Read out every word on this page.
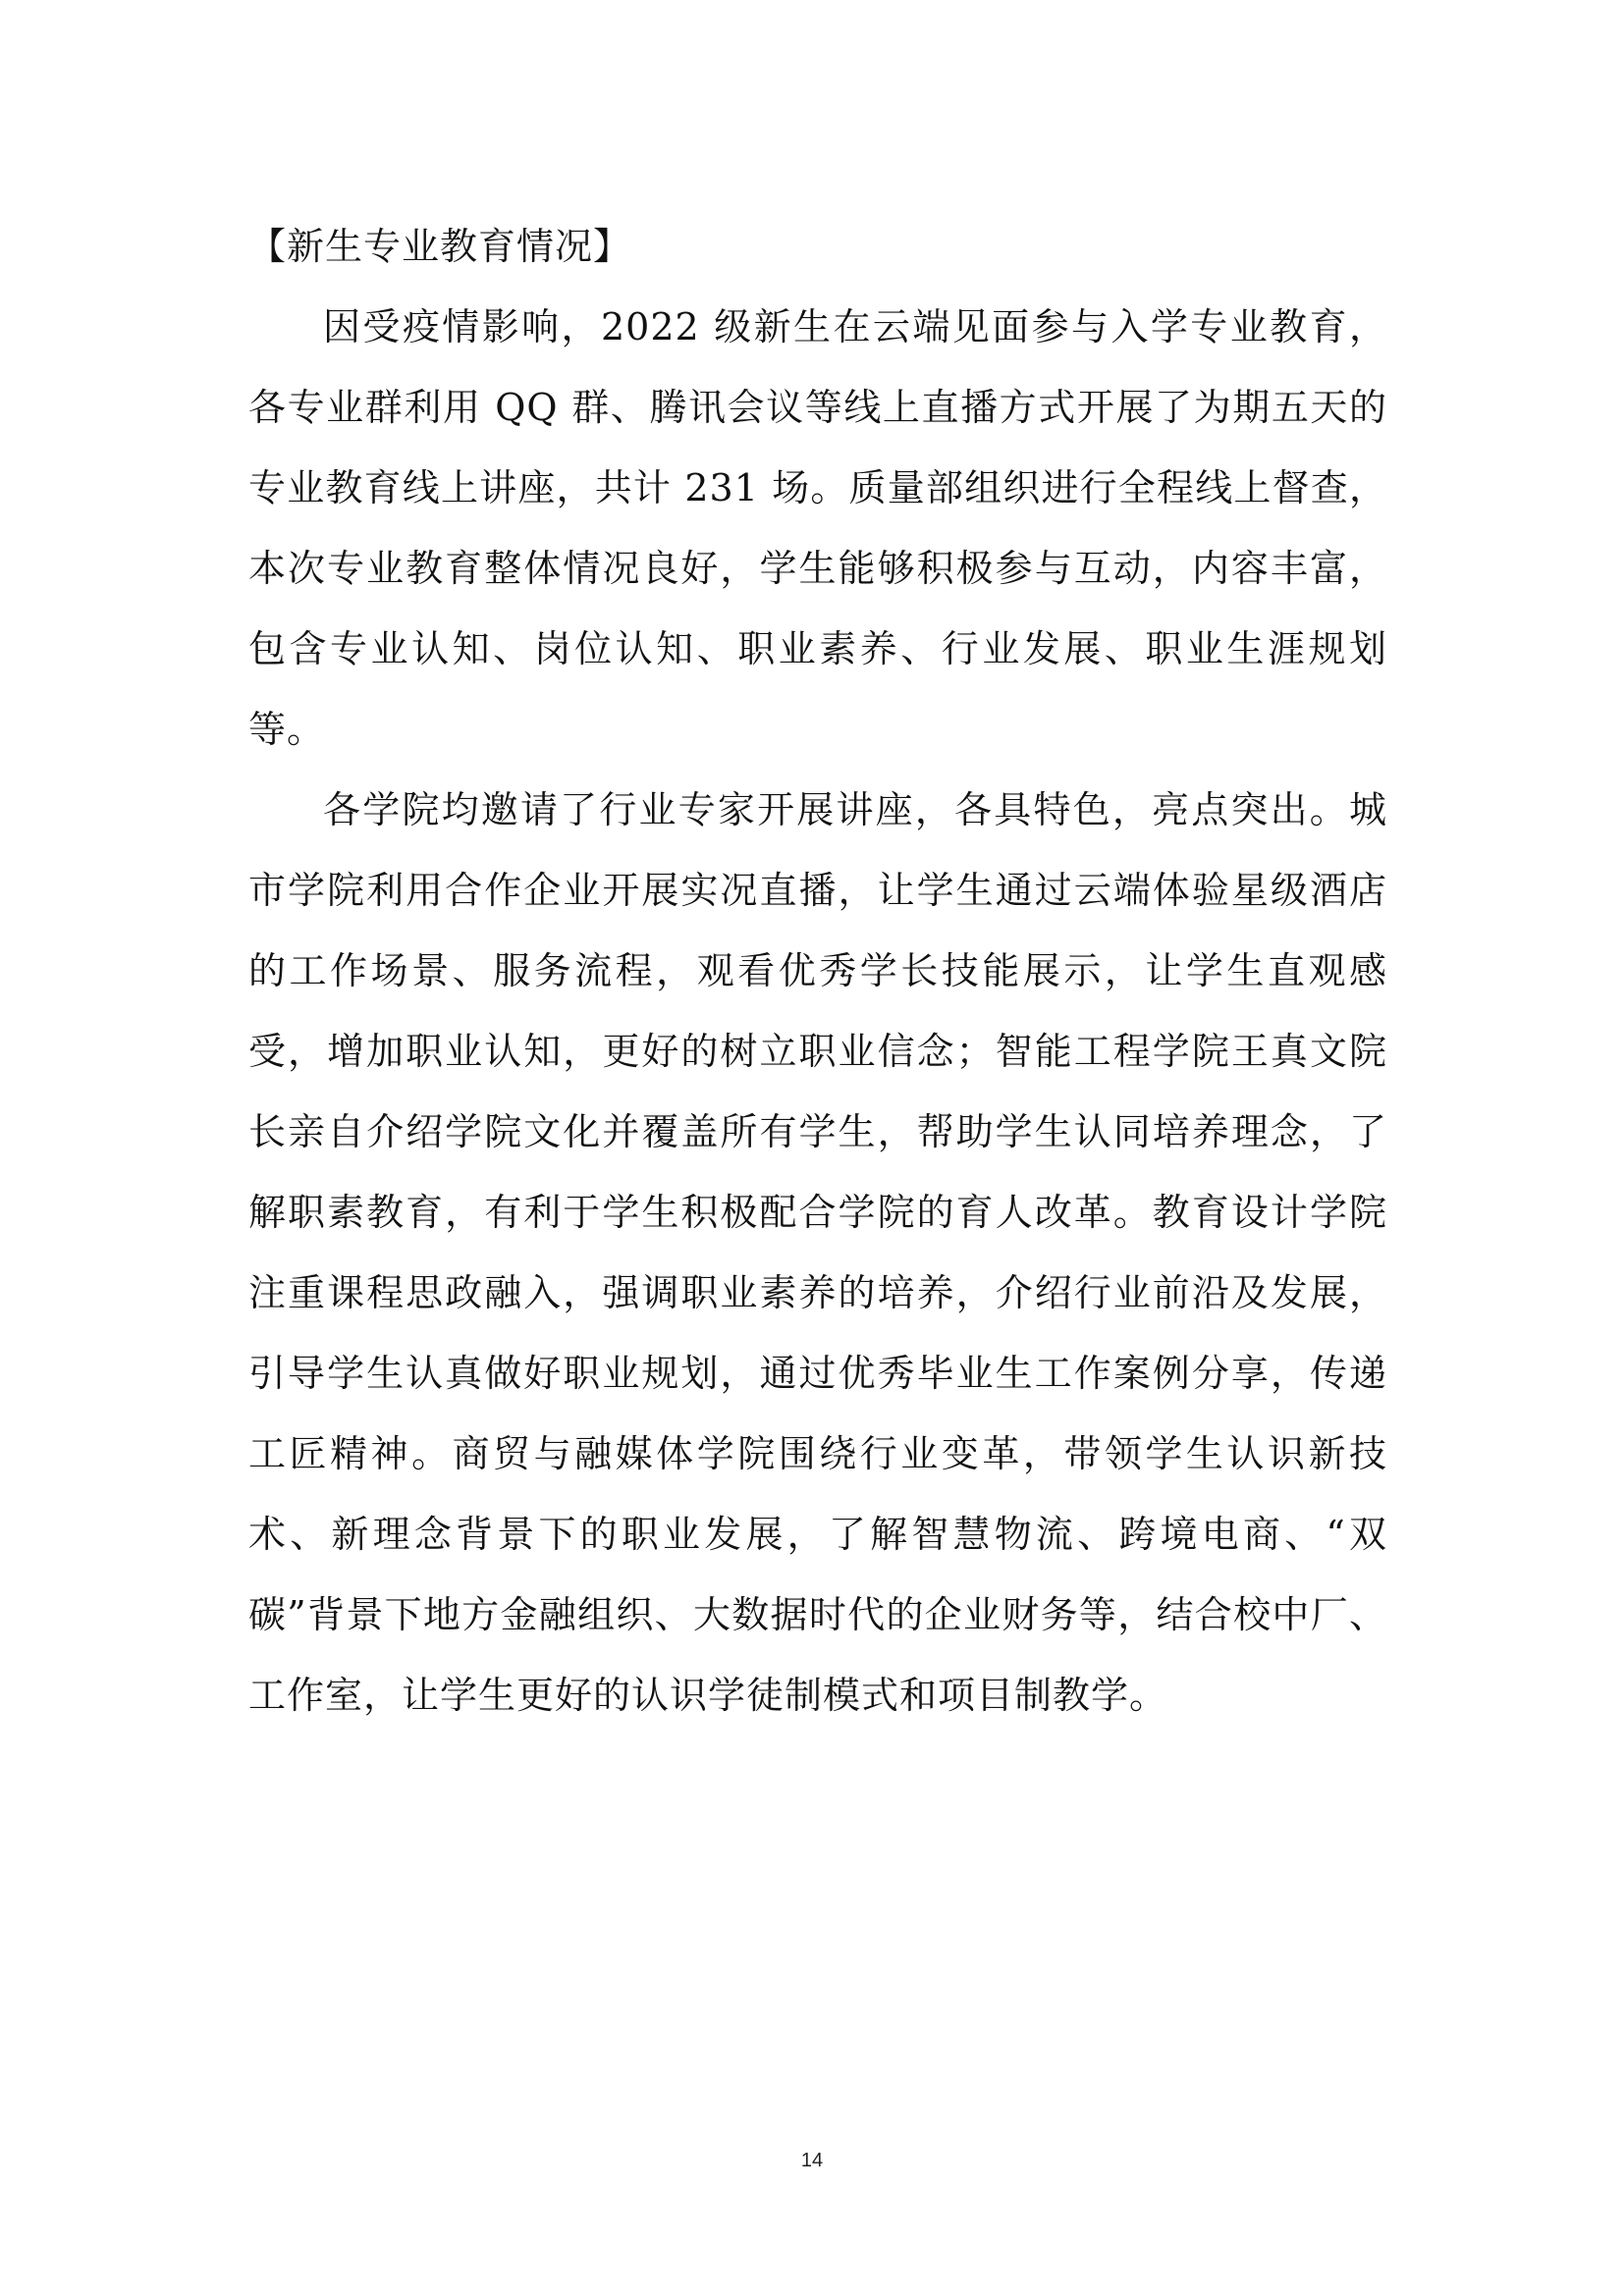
【新生专业教育情况】

因受疫情影响，2022 级新生在云端见面参与入学专业教育，各专业群利用 QQ 群、腾讯会议等线上直播方式开展了为期五天的专业教育线上讲座，共计 231 场。质量部组织进行全程线上督查，本次专业教育整体情况良好，学生能够积极参与互动，内容丰富，包含专业认知、岗位认知、职业素养、行业发展、职业生涯规划等。

各学院均邀请了行业专家开展讲座，各具特色，亮点突出。城市学院利用合作企业开展实况直播，让学生通过云端体验星级酒店的工作场景、服务流程，观看优秀学长技能展示，让学生直观感受，增加职业认知，更好的树立职业信念；智能工程学院王真文院长亲自介绍学院文化并覆盖所有学生，帮助学生认同培养理念，了解职素教育，有利于学生积极配合学院的育人改革。教育设计学院注重课程思政融入，强调职业素养的培养，介绍行业前沿及发展，引导学生认真做好职业规划，通过优秀毕业生工作案例分享，传递工匠精神。商贸与融媒体学院围绕行业变革，带领学生认识新技术、新理念背景下的职业发展，了解智慧物流、跨境电商、“双碳”背景下地方金融组织、大数据时代的企业财务等，结合校中厂、工作室，让学生更好的认识学徒制模式和项目制教学。

14
